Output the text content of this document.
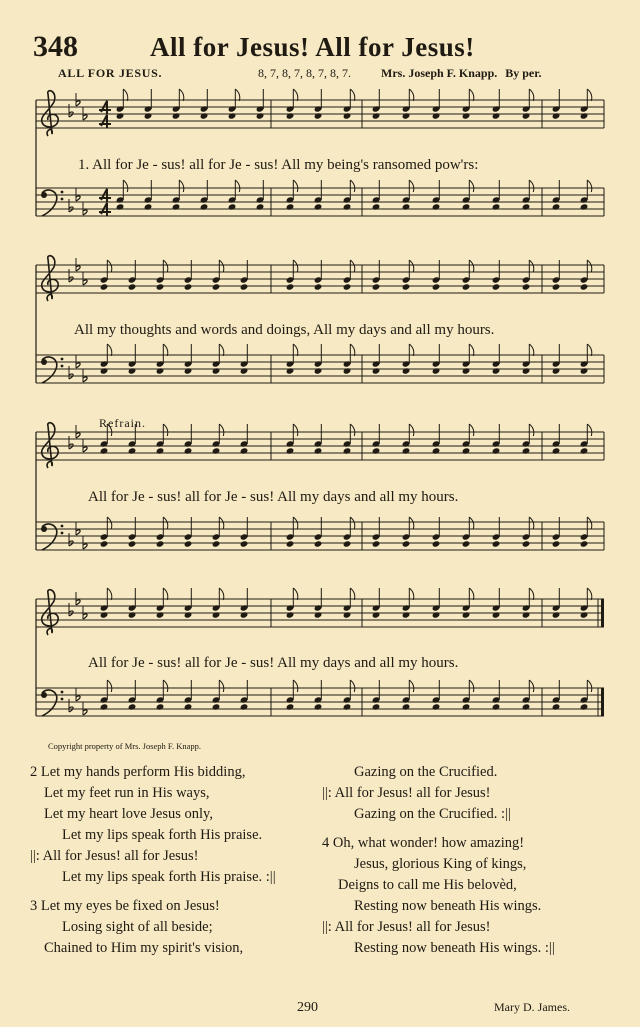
348	All for Jesus! All for Jesus!
ALL FOR JESUS.	8, 7, 8, 7, 8, 7, 8, 7.	Mrs. Joseph F. Knapp. By per.
1. All for Je - sus! all for Je - sus! All my being's ransomed pow'rs:
All my thoughts and words and doings, All my days and all my hours.
Refrain.
All for Je - sus! all for Je - sus! All my days and all my hours.
All for Je - sus! all for Je - sus! All my days and all my hours.
Copyright property of Mrs. Joseph F. Knapp.
2 Let my hands perform His bidding,
Let my feet run in His ways,
Let my heart love Jesus only,
Let my lips speak forth His praise.
||: All for Jesus! all for Jesus!
Let my lips speak forth His praise. :||
3 Let my eyes be fixed on Jesus!
Losing sight of all beside;
Chained to Him my spirit's vision,
Gazing on the Crucified.
||: All for Jesus! all for Jesus!
Gazing on the Crucified. :||
4 Oh, what wonder! how amazing!
Jesus, glorious King of kings,
Deigns to call me His belovèd,
Resting now beneath His wings.
||: All for Jesus! all for Jesus!
Resting now beneath His wings. :||
290	Mary D. James.
